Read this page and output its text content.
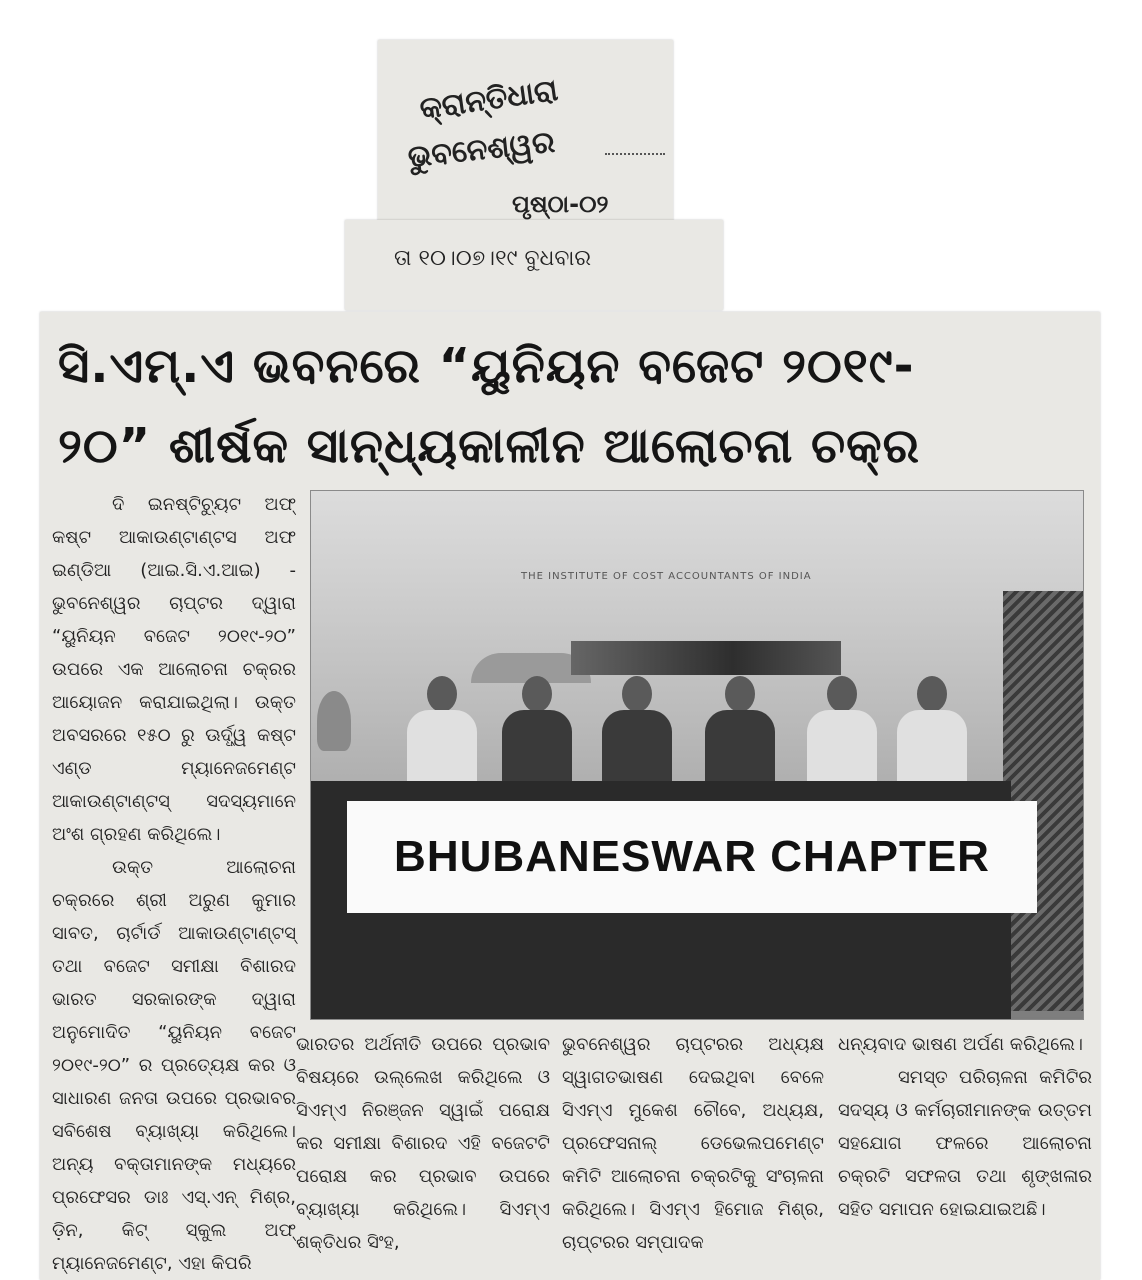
କ୍ରାନ୍ତିଧାରା
ଭୁବନେଶ୍ୱର
ପୃଷ୍ଠା-୦୨
ତା ୧୦।୦୭।୧୯ ବୁଧବାର
ସି.ଏମ୍.ଏ ଭବନରେ “ୟୁନିୟନ ବଜେଟ ୨୦୧୯-
୨୦” ଶୀର୍ଷକ ସାନ୍ଧ୍ୟକାଳୀନ ଆଲୋଚନା ଚକ୍ର

ଦି ଇନଷ୍ଟିଚ୍ୟୁଟ ଅଫ୍ କଷ୍ଟ ଆକାଉଣ୍ଟାଣ୍ଟସ ଅଫ ଇଣ୍ଡିଆ (ଆଇ.ସି.ଏ.ଆଇ) - ଭୁବନେଶ୍ୱର ଚାପ୍ଟର ଦ୍ୱାରା “ୟୁନିୟନ ବଜେଟ ୨୦୧୯-୨୦” ଉପରେ ଏକ ଆଲୋଚନା ଚକ୍ରର ଆୟୋଜନ କରାଯାଇଥିଲା। ଉକ୍ତ ଅବସରରେ ୧୫୦ ରୁ ଊର୍ଦ୍ଧ୍ୱ କଷ୍ଟ ଏଣ୍ଡ ମ୍ୟାନେଜମେଣ୍ଟ ଆକାଉଣ୍ଟାଣ୍ଟସ୍ ସଦସ୍ୟମାନେ ଅଂଶ ଗ୍ରହଣ କରିଥିଲେ।

ଉକ୍ତ ଆଲୋଚନା ଚକ୍ରରେ ଶ୍ରୀ ଅରୁଣ କୁମାର ସାବତ, ଚାର୍ଟାର୍ଡ ଆକାଉଣ୍ଟାଣ୍ଟସ୍ ତଥା ବଜେଟ ସମୀକ୍ଷା ବିଶାରଦ ଭାରତ ସରକାରଙ୍କ ଦ୍ୱାରା ଅନୁମୋଦିତ “ୟୁନିୟନ ବଜେଟ ୨୦୧୯-୨୦” ର ପ୍ରତ୍ୟେକ୍ଷ କର ଓ ସାଧାରଣ ଜନତା ଉପରେ ପ୍ରଭାବର ସବିଶେଷ ବ୍ୟାଖ୍ୟା କରିଥିଲେ। ଅନ୍ୟ ବକ୍ତାମାନଙ୍କ ମଧ୍ୟରେ ପ୍ରଫେସର ଡାଃ ଏସ୍.ଏନ୍ ମିଶ୍ର, ଡ଼ିନ, କିଟ୍ ସ୍କୁଲ ଅଫ୍ ମ୍ୟାନେଜମେଣ୍ଟ, ଏହା କିପରି

THE INSTITUTE OF COST ACCOUNTANTS OF INDIA
BHUBANESWAR CHAPTER

ଭାରତର ଅର୍ଥନୀତି ଉପରେ ପ୍ରଭାବ ବିଷୟରେ ଉଲ୍ଲେଖ କରିଥିଲେ ଓ ସିଏମ୍ଏ ନିରଞ୍ଜନ ସ୍ୱାଇଁ ପରୋକ୍ଷ କର ସମୀକ୍ଷା ବିଶାରଦ ଏହି ବଜେଟଟି ପରୋକ୍ଷ କର ପ୍ରଭାବ ଉପରେ ବ୍ୟାଖ୍ୟା କରିଥିଲେ। ସିଏମ୍ଏ ଶକ୍ତିଧର ସିଂହ,

ଭୁବନେଶ୍ୱର ଚାପ୍ଟରର ଅଧ୍ୟକ୍ଷ ସ୍ୱାଗତଭାଷଣ ଦେଇଥିବା ବେଳେ ସିଏମ୍ଏ ମୁକେଶ ଚୌବେ, ଅଧ୍ୟକ୍ଷ, ପ୍ରଫେସନାଲ୍ ଡେଭେଲପମେଣ୍ଟ କମିଟି ଆଲୋଚନା ଚକ୍ରଟିକୁ ସଂଚାଳନା କରିଥିଲେ। ସିଏମ୍ଏ ହିମୋଜ ମିଶ୍ର, ଚାପ୍ଟରର ସମ୍ପାଦକ

ଧନ୍ୟବାଦ ଭାଷଣ ଅର୍ପଣ କରିଥିଲେ।

ସମସ୍ତ ପରିଚାଳନା କମିଟିର ସଦସ୍ୟ ଓ କର୍ମଚାରୀମାନଙ୍କ ଉତ୍ତମ ସହଯୋଗ ଫଳରେ ଆଲୋଚନା ଚକ୍ରଟି ସଫଳତା ତଥା ଶୃଙ୍ଖଳାର ସହିତ ସମାପନ ହୋଇଯାଇଅଛି।
